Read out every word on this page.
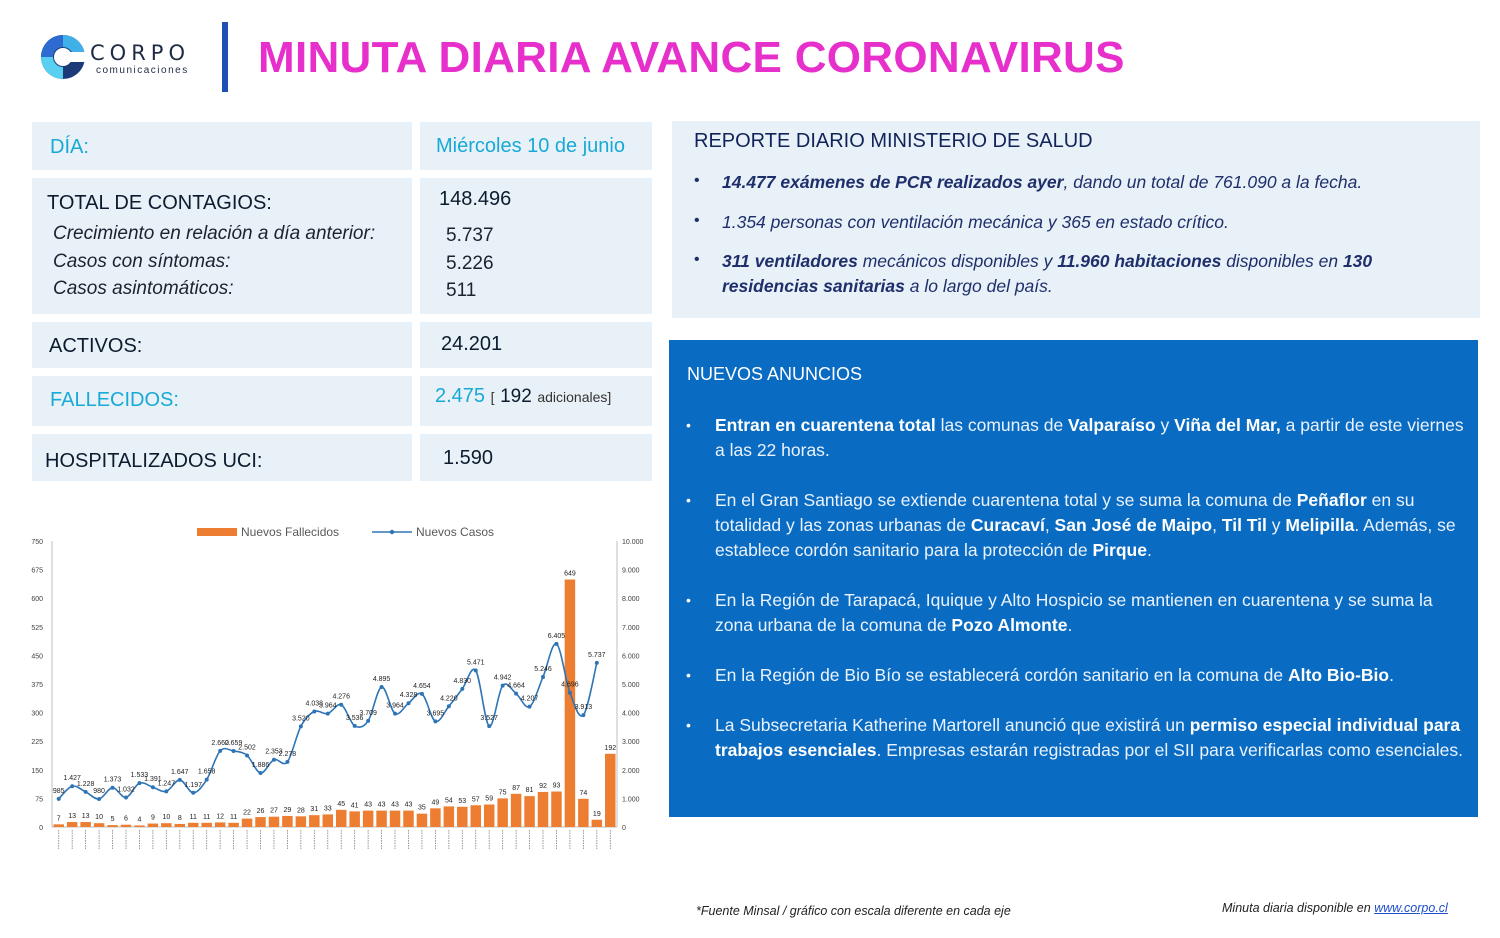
CORPO
comunicaciones MINUTA DIARIA AVANCE CORONAVIRUS
DÍA:	Miércoles 10 de junio
TOTAL DE CONTAGIOS:	148.496
Crecimiento en relación a día anterior:	5.737
Casos con síntomas:	5.226
Casos asintomáticos:	511
ACTIVOS:	24.201
FALLECIDOS:	2.475 [ 192 adicionales]
HOSPITALIZADOS UCI:	1.590
REPORTE DIARIO MINISTERIO DE SALUD
• 14.477 exámenes de PCR realizados ayer, dando un total de 761.090 a la fecha.
• 1.354 personas con ventilación mecánica y 365 en estado crítico.
• 311 ventiladores mecánicos disponibles y 11.960 habitaciones disponibles en 130 residencias sanitarias a lo largo del país.
NUEVOS ANUNCIOS
• Entran en cuarentena total las comunas de Valparaíso y Viña del Mar, a partir de este viernes a las 22 horas.
• En el Gran Santiago se extiende cuarentena total y se suma la comuna de Peñaflor en su totalidad y las zonas urbanas de Curacaví, San José de Maipo, Til Til y Melipilla. Además, se establece cordón sanitario para la protección de Pirque.
• En la Región de Tarapacá, Iquique y Alto Hospicio se mantienen en cuarentena y se suma la zona urbana de la comuna de Pozo Almonte.
• En la Región de Bio Bío se establecerá cordón sanitario en la comuna de Alto Bio-Bio.
• La Subsecretaria Katherine Martorell anunció que existirá un permiso especial individual para trabajos esenciales. Empresas estarán registradas por el SII para verificarlas como esenciales.
0
75
150
225
300
375
450
525
600
675
750
0
1.000
2.000
3.000
4.000
5.000
6.000
7.000
8.000
9.000
10.000
Nuevos Fallecidos	Nuevos Casos
7 13 13 10 5 6 4 9 10 8 11 11 12 11
22 26 27 29 28 31 33
45 41 43 43 43 43 35
49 54 53 57 59
75
87 81
92 93
649
74
19
192
985
1.427
1.228
980
1.373
1.032
1.533
1.391
1.247
1.647
1.197
1.658
2.660
2.659
2.502
1.886
2.353
2.278
3.520
4.038
3.964
4.276
3.536
3.709
4.895
3.964
4.328
4.654
3.695
4.220
4.830
5.471
3.527
4.942
4.664
4.207
5.246
6.405
4.696
3.913
5.737
*Fuente Minsal / gráfico con escala diferente en cada eje	Minuta diaria disponible en www.corpo.cl
